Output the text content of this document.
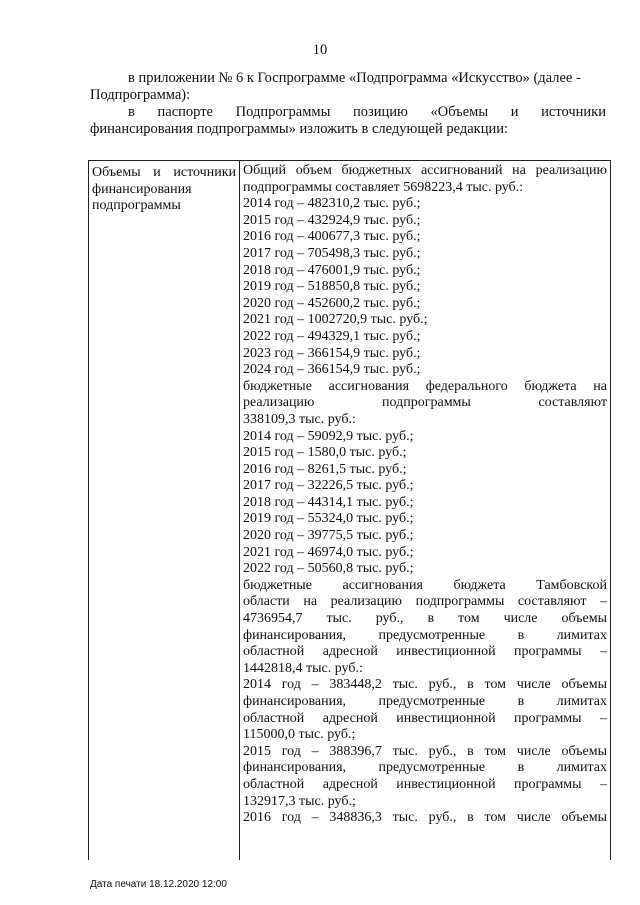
10

в приложении № 6 к Госпрограмме «Подпрограмма «Искусство» (далее -

Подпрограмма):

в паспорте Подпрограммы позицию «Объемы и источники

финансирования подпрограммы» изложить в следующей редакции:

Объемы и источники
финансирования
подпрограммы

Общий объем бюджетных ассигнований на реализацию
подпрограммы составляет 5698223,4 тыс. руб.:
2014 год – 482310,2 тыс. руб.;
2015 год – 432924,9 тыс. руб.;
2016 год – 400677,3 тыс. руб.;
2017 год – 705498,3 тыс. руб.;
2018 год – 476001,9 тыс. руб.;
2019 год – 518850,8 тыс. руб.;
2020 год – 452600,2 тыс. руб.;
2021 год – 1002720,9 тыс. руб.;
2022 год – 494329,1 тыс. руб.;
2023 год – 366154,9 тыс. руб.;
2024 год – 366154,9 тыс. руб.;
бюджетные ассигнования федерального бюджета на
реализацию подпрограммы составляют
338109,3 тыс. руб.:
2014 год – 59092,9 тыс. руб.;
2015 год – 1580,0 тыс. руб.;
2016 год – 8261,5 тыс. руб.;
2017 год – 32226,5 тыс. руб.;
2018 год – 44314,1 тыс. руб.;
2019 год – 55324,0 тыс. руб.;
2020 год – 39775,5 тыс. руб.;
2021 год – 46974,0 тыс. руб.;
2022 год – 50560,8 тыс. руб.;
бюджетные ассигнования бюджета Тамбовской
области на реализацию подпрограммы составляют –
4736954,7 тыс. руб., в том числе объемы
финансирования, предусмотренные в лимитах
областной адресной инвестиционной программы –
1442818,4 тыс. руб.:
2014 год – 383448,2 тыс. руб., в том числе объемы
финансирования, предусмотренные в лимитах
областной адресной инвестиционной программы –
115000,0 тыс. руб.;
2015 год – 388396,7 тыс. руб., в том числе объемы
финансирования, предусмотренные в лимитах
областной адресной инвестиционной программы –
132917,3 тыс. руб.;
2016 год – 348836,3 тыс. руб., в том числе объемы
Дата печати 18.12.2020 12:00
